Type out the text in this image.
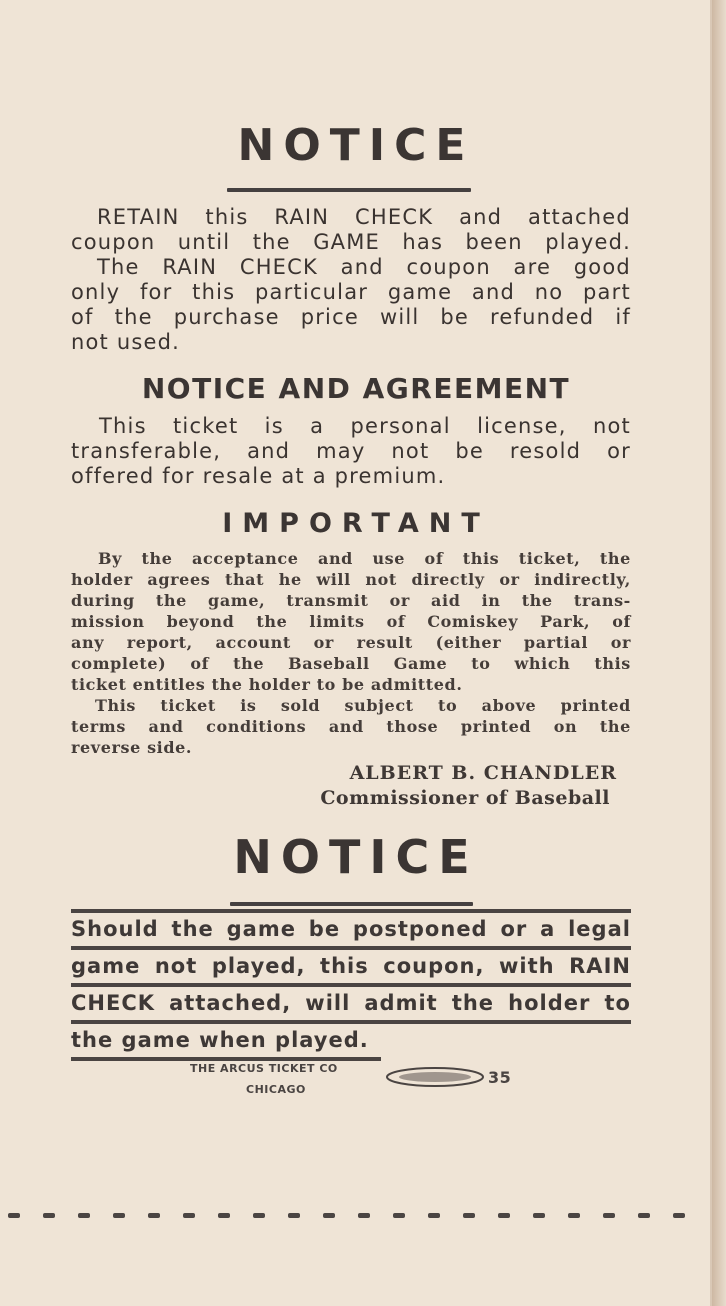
NOTICE
RETAIN this RAIN CHECK and attached
coupon until the GAME has been played.
The RAIN CHECK and coupon are good
only for this particular game and no part
of the purchase price will be refunded if
not used.
NOTICE AND AGREEMENT
This ticket is a personal license, not
transferable, and may not be resold or
offered for resale at a premium.
IMPORTANT
By the acceptance and use of this ticket, the
holder agrees that he will not directly or indirectly,
during the game, transmit or aid in the trans-
mission beyond the limits of Comiskey Park, of
any report, account or result (either partial or
complete) of the Baseball Game to which this
ticket entitles the holder to be admitted.
This ticket is sold subject to above printed
terms and conditions and those printed on the
reverse side.
ALBERT B. CHANDLER
Commissioner of Baseball
NOTICE
Should the game be postponed or a legal
game not played, this coupon, with RAIN
CHECK attached, will admit the holder to
the game when played.
THE ARCUS TICKET CO
CHICAGO
35
